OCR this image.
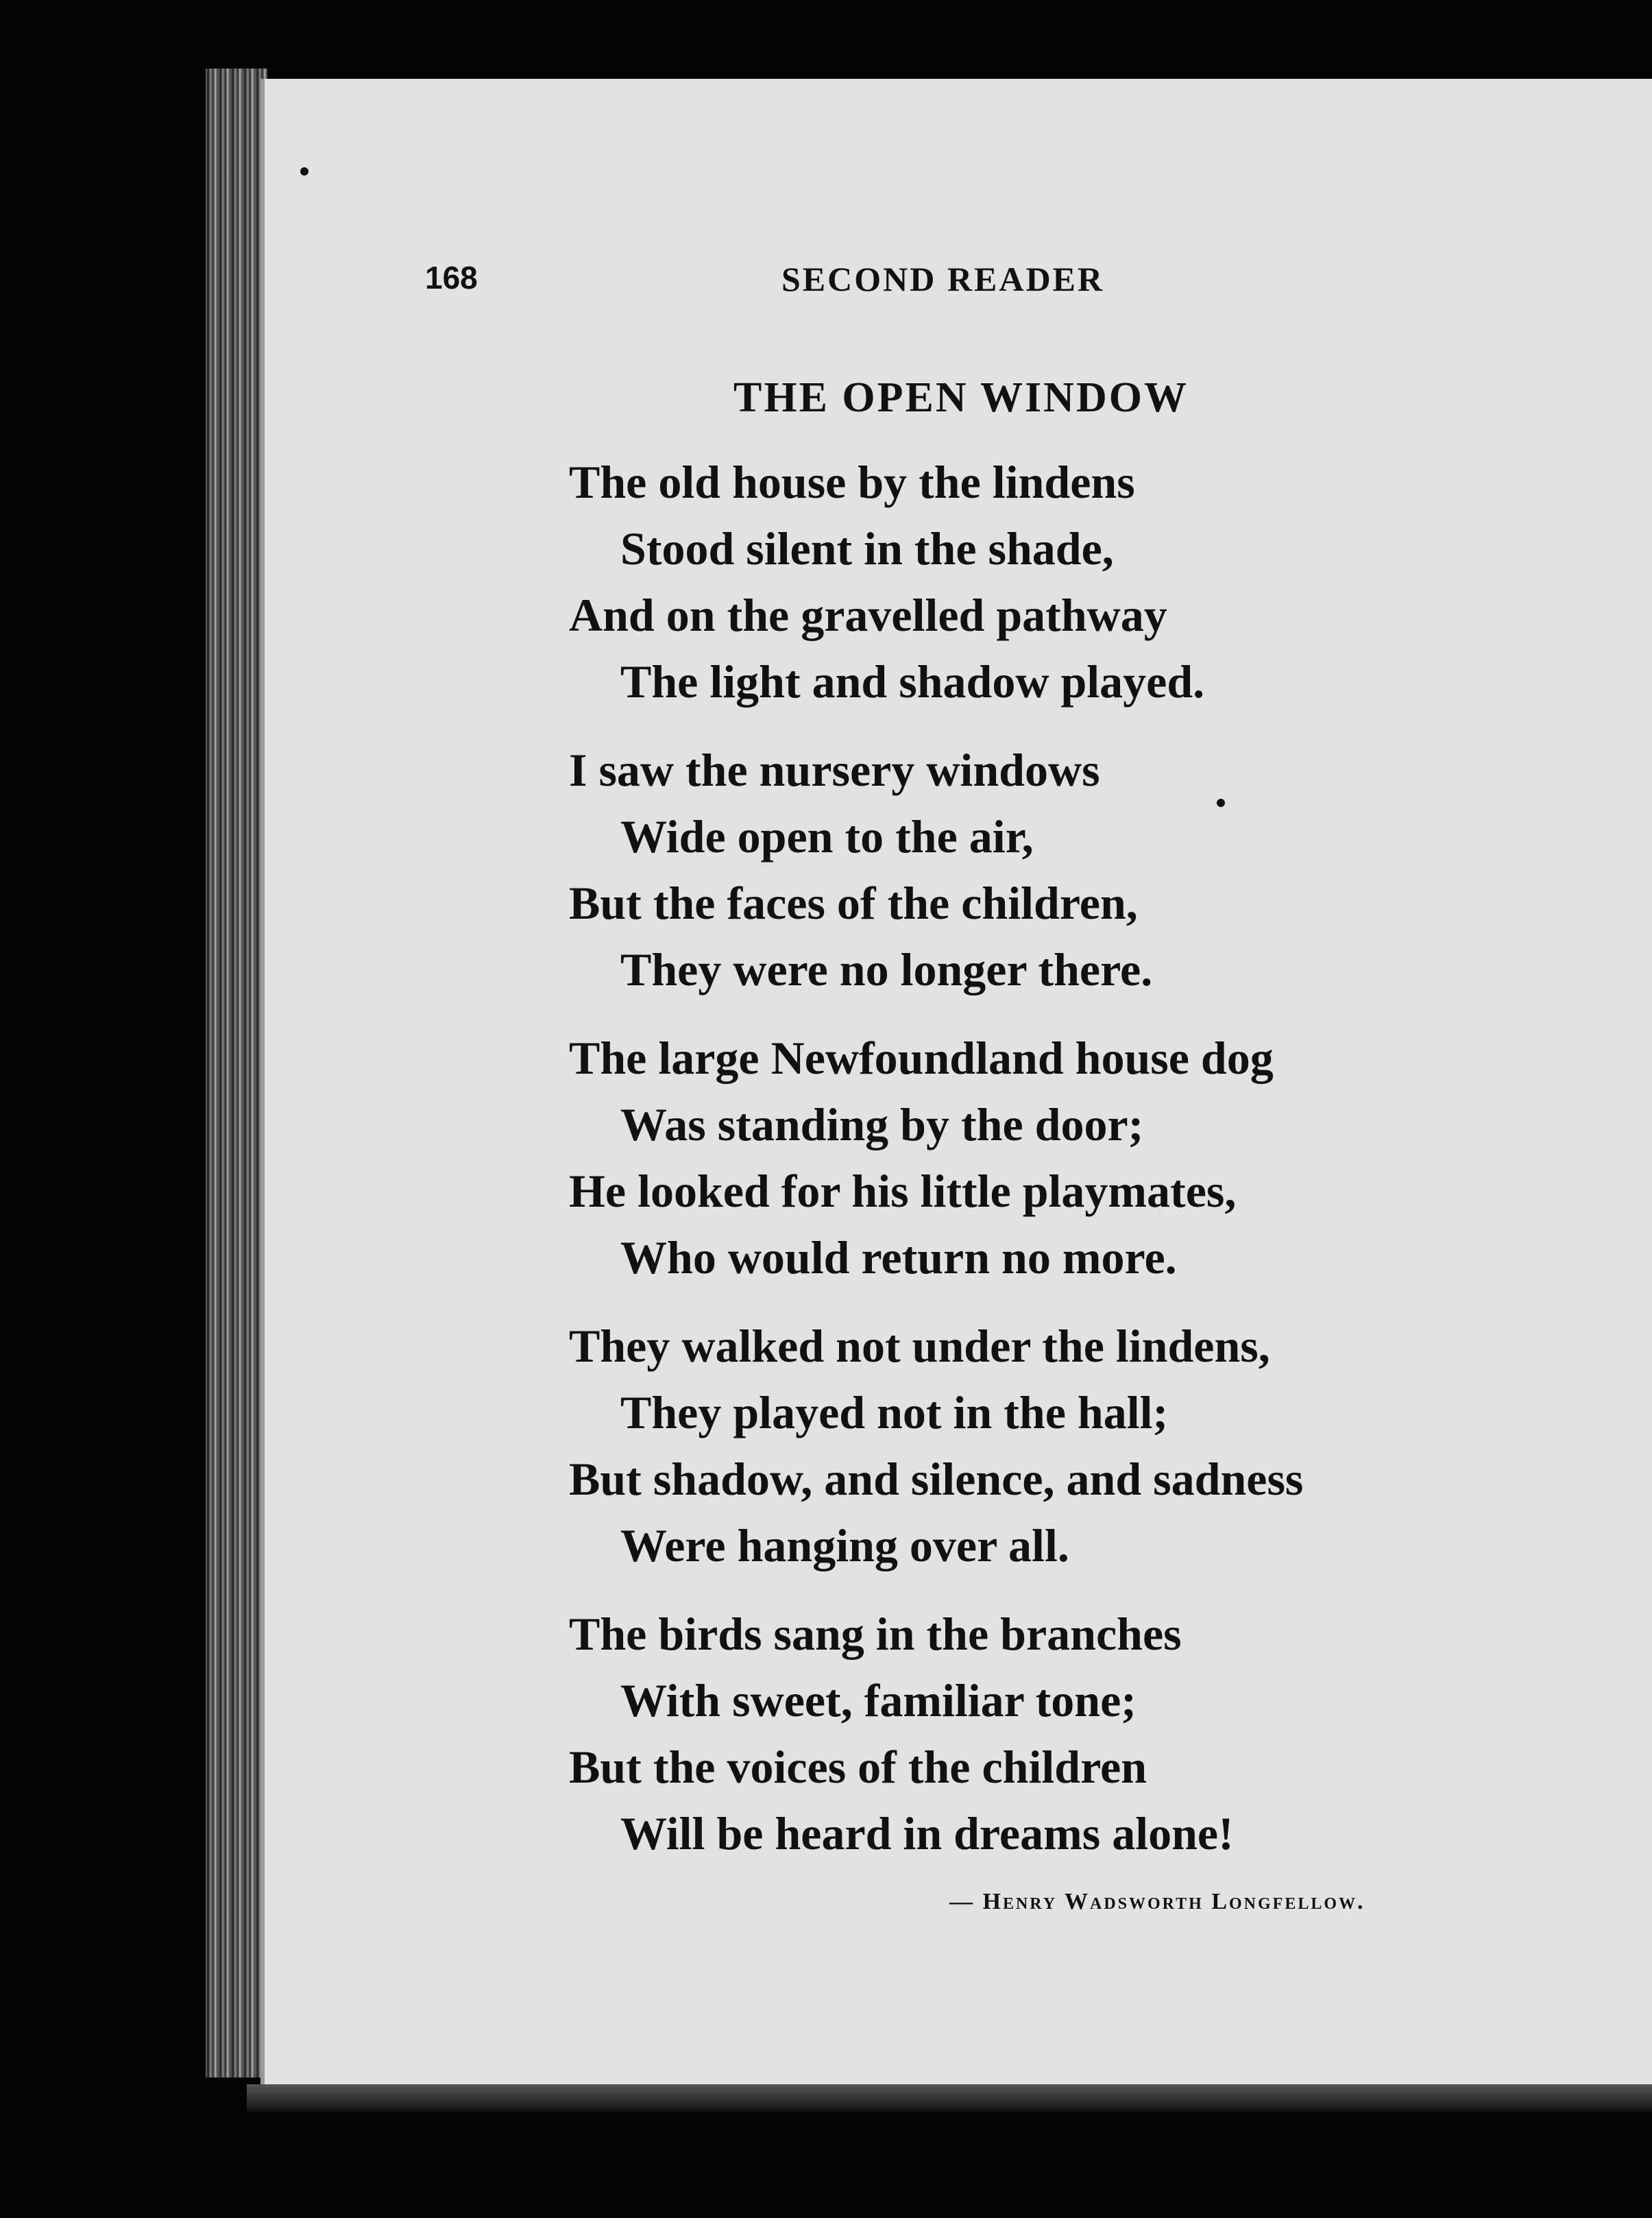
168	SECOND READER

THE OPEN WINDOW
The old house by the lindens
Stood silent in the shade,
And on the gravelled pathway
The light and shadow played.
I saw the nursery windows
Wide open to the air,
But the faces of the children,
They were no longer there.
The large Newfoundland house dog
Was standing by the door;
He looked for his little playmates,
Who would return no more.
They walked not under the lindens,
They played not in the hall;
But shadow, and silence, and sadness
Were hanging over all.
The birds sang in the branches
With sweet, familiar tone;
But the voices of the children
Will be heard in dreams alone!

— Henry Wadsworth Longfellow.
